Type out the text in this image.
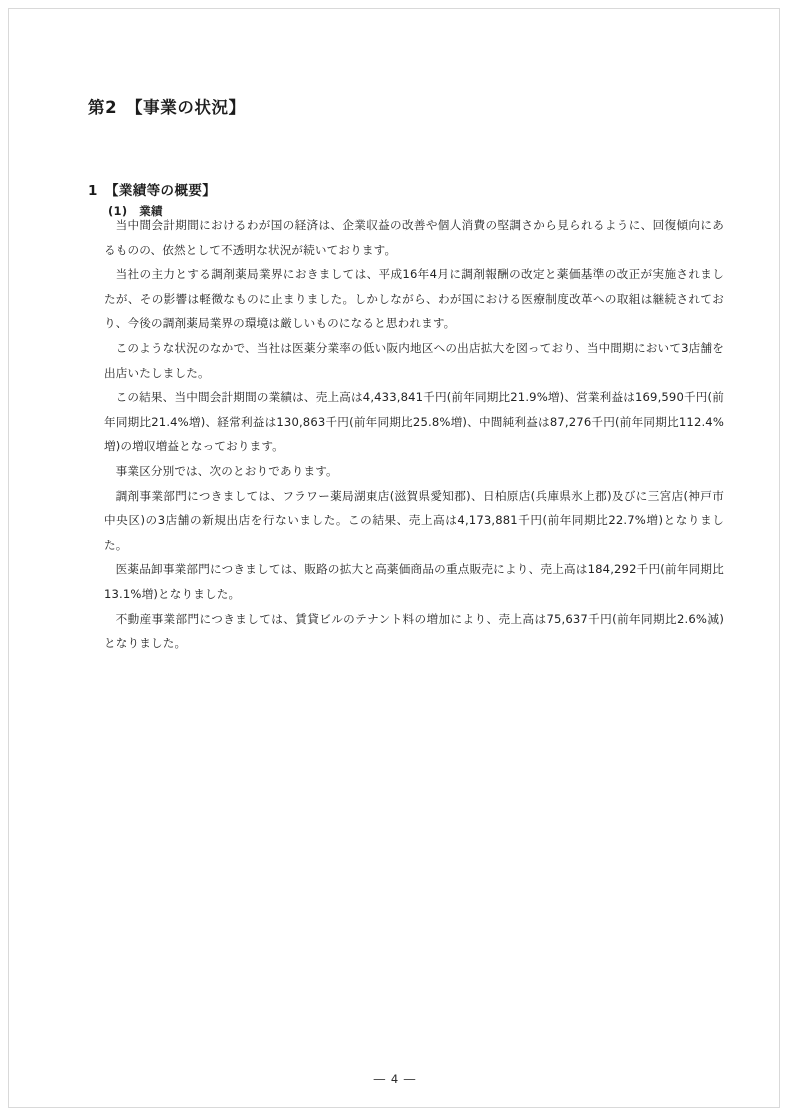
第2　【事業の状況】
1　【業績等の概要】
(1)　業績

当中間会計期間におけるわが国の経済は、企業収益の改善や個人消費の堅調さから見られるように、回復傾向にあるものの、依然として不透明な状況が続いております。

当社の主力とする調剤薬局業界におきましては、平成16年4月に調剤報酬の改定と薬価基準の改正が実施されましたが、その影響は軽微なものに止まりました。しかしながら、わが国における医療制度改革への取組は継続されており、今後の調剤薬局業界の環境は厳しいものになると思われます。

このような状況のなかで、当社は医薬分業率の低い阪内地区への出店拡大を図っており、当中間期において3店舗を出店いたしました。

この結果、当中間会計期間の業績は、売上高は4,433,841千円(前年同期比21.9%増)、営業利益は169,590千円(前年同期比21.4%増)、経常利益は130,863千円(前年同期比25.8%増)、中間純利益は87,276千円(前年同期比112.4%増)の増収増益となっております。

事業区分別では、次のとおりであります。

調剤事業部門につきましては、フラワー薬局湖東店(滋賀県愛知郡)、日柏原店(兵庫県氷上郡)及びに三宮店(神戸市中央区)の3店舗の新規出店を行ないました。この結果、売上高は4,173,881千円(前年同期比22.7%増)となりました。

医薬品卸事業部門につきましては、販路の拡大と高薬価商品の重点販売により、売上高は184,292千円(前年同期比13.1%増)となりました。

不動産事業部門につきましては、賃貸ビルのテナント料の増加により、売上高は75,637千円(前年同期比2.6%減)となりました。

― 4 ―
